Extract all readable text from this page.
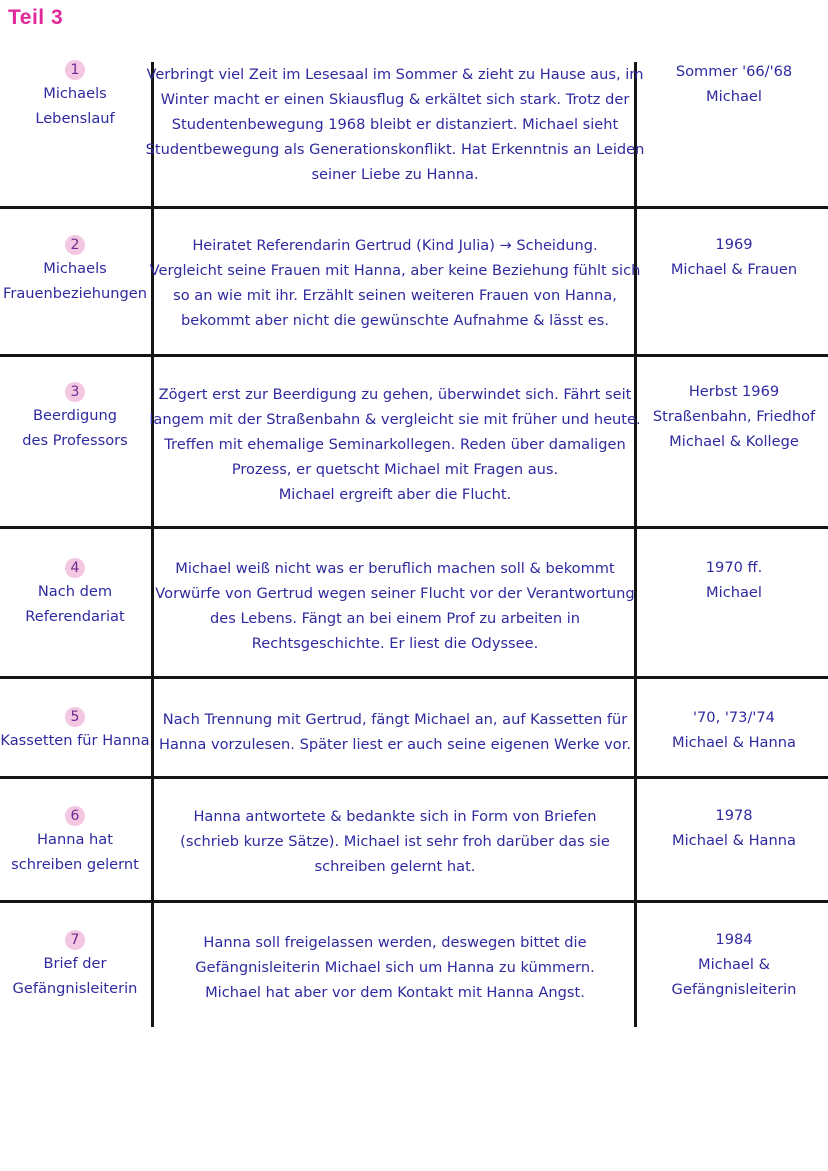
Teil 3
1
Michaels
Lebenslauf
Verbringt viel Zeit im Lesesaal im Sommer & zieht zu Hause aus, im
Winter macht er einen Skiausflug & erkältet sich stark. Trotz der
Studentenbewegung 1968 bleibt er distanziert. Michael sieht
Studentbewegung als Generationskonflikt. Hat Erkenntnis an Leiden
seiner Liebe zu Hanna.
Sommer '66/'68
Michael
2
Michaels
Frauenbeziehungen
Heiratet Referendarin Gertrud (Kind Julia) → Scheidung.
Vergleicht seine Frauen mit Hanna, aber keine Beziehung fühlt sich
so an wie mit ihr. Erzählt seinen weiteren Frauen von Hanna,
bekommt aber nicht die gewünschte Aufnahme & lässt es.
1969
Michael & Frauen
3
Beerdigung
des Professors
Zögert erst zur Beerdigung zu gehen, überwindet sich. Fährt seit
langem mit der Straßenbahn & vergleicht sie mit früher und heute.
Treffen mit ehemalige Seminarkollegen. Reden über damaligen
Prozess, er quetscht Michael mit Fragen aus.
Michael ergreift aber die Flucht.
Herbst 1969
Straßenbahn, Friedhof
Michael & Kollege
4
Nach dem
Referendariat
Michael weiß nicht was er beruflich machen soll & bekommt
Vorwürfe von Gertrud wegen seiner Flucht vor der Verantwortung
des Lebens. Fängt an bei einem Prof zu arbeiten in
Rechtsgeschichte. Er liest die Odyssee.
1970 ff.
Michael
5
Kassetten für Hanna
Nach Trennung mit Gertrud, fängt Michael an, auf Kassetten für
Hanna vorzulesen. Später liest er auch seine eigenen Werke vor.
'70, '73/'74
Michael & Hanna
6
Hanna hat
schreiben gelernt
Hanna antwortete & bedankte sich in Form von Briefen
(schrieb kurze Sätze). Michael ist sehr froh darüber das sie
schreiben gelernt hat.
1978
Michael & Hanna
7
Brief der
Gefängnisleiterin
Hanna soll freigelassen werden, deswegen bittet die
Gefängnisleiterin Michael sich um Hanna zu kümmern.
Michael hat aber vor dem Kontakt mit Hanna Angst.
1984
Michael &
Gefängnisleiterin
